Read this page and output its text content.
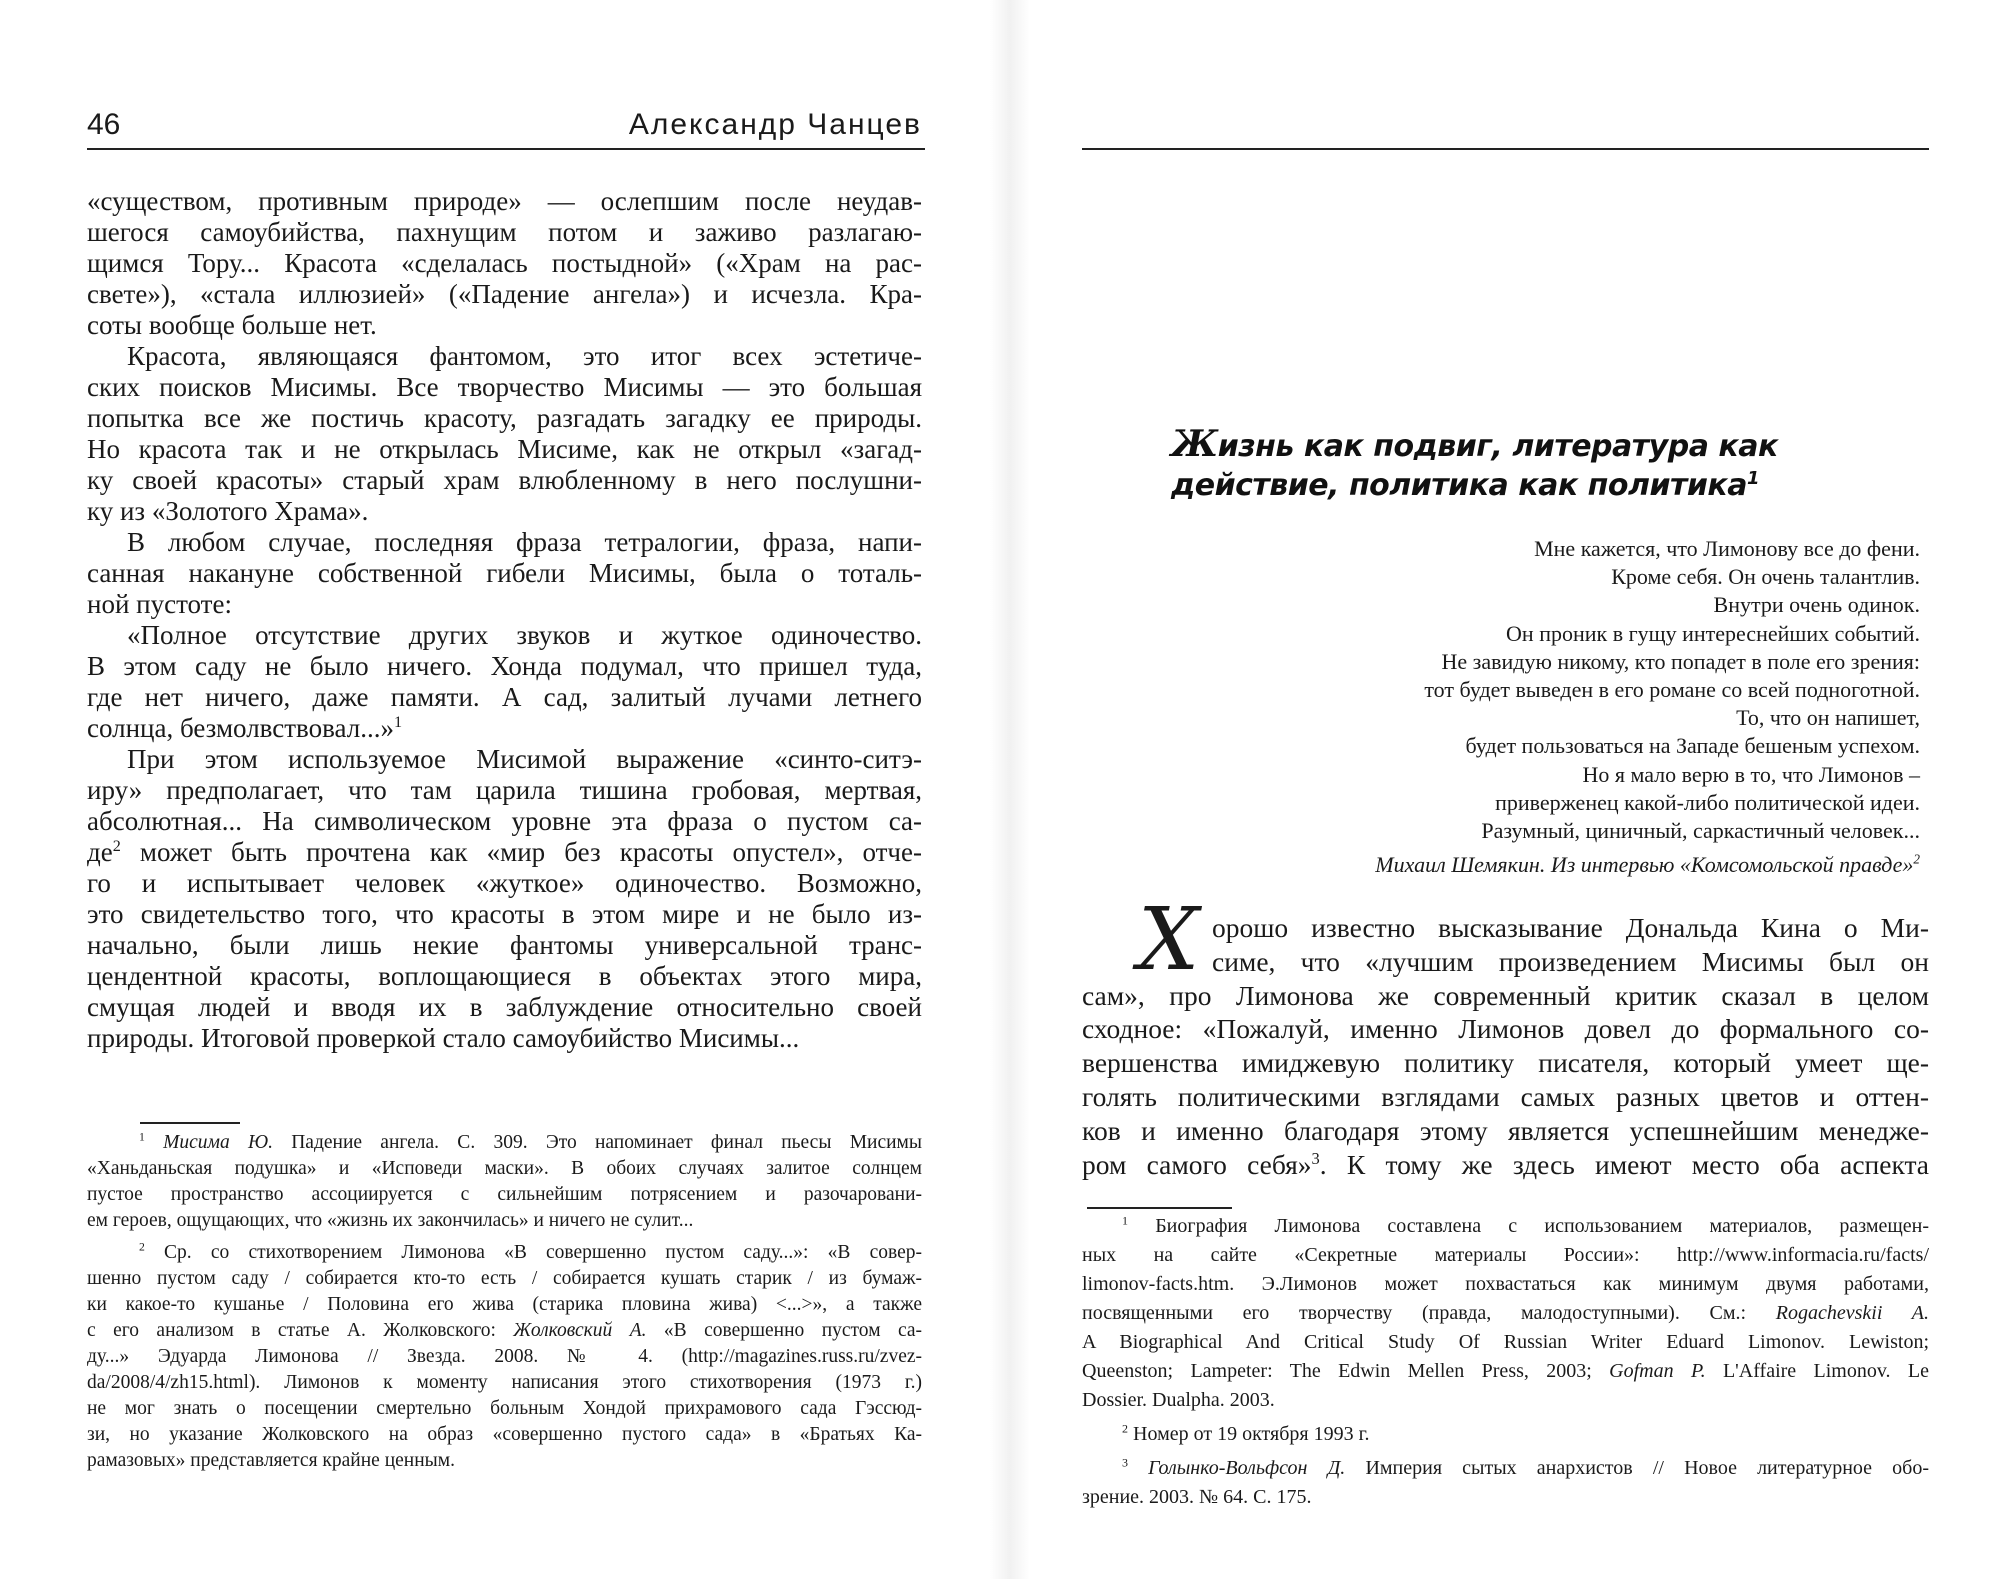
46	Александр Чанцев
«существом, противным природе» — ослепшим после неудав-
шегося самоубийства, пахнущим потом и заживо разлагаю-
щимся Тору... Красота «сделалась постыдной» («Храм на рас-
свете»), «стала иллюзией» («Падение ангела») и исчезла. Кра-
соты вообще больше нет.
Красота, являющаяся фантомом, это итог всех эстетиче-
ских поисков Мисимы. Все творчество Мисимы — это большая
попытка все же постичь красоту, разгадать загадку ее природы.
Но красота так и не открылась Мисиме, как не открыл «загад-
ку своей красоты» старый храм влюбленному в него послушни-
ку из «Золотого Храма».
В любом случае, последняя фраза тетралогии, фраза, напи-
санная накануне собственной гибели Мисимы, была о тоталь-
ной пустоте:
«Полное отсутствие других звуков и жуткое одиночество.
В этом саду не было ничего. Хонда подумал, что пришел туда,
где нет ничего, даже памяти. А сад, залитый лучами летнего
солнца, безмолвствовал...»$^1$
При этом используемое Мисимой выражение «синто-ситэ-
иру» предполагает, что там царила тишина гробовая, мертвая,
абсолютная... На символическом уровне эта фраза о пустом са-
$де^2$ может быть прочтена как «мир без красоты опустел», отче-
го и испытывает человек «жуткое» одиночество. Возможно,
это свидетельство того, что красоты в этом мире и не было из-
начально, были лишь некие фантомы универсальной транс-
цендентной красоты, воплощающиеся в объектах этого мира,
смущая людей и вводя их в заблуждение относительно своей
природы. Итоговой проверкой стало самоубийство Мисимы...
$^1$ Мисима Ю. Падение ангела. С. 309. Это напоминает финал пьесы Мисимы
«Ханьданьская подушка» и «Исповеди маски». В обоих случаях залитое солнцем
пустое пространство ассоциируется с сильнейшим потрясением и разочаровани-
ем героев, ощущающих, что «жизнь их закончилась» и ничего не сулит...
$^2$ Ср. со стихотворением Лимонова «В совершенно пустом саду...»: «В совер-
шенно пустом саду / собирается кто-то есть / собирается кушать старик / из бумаж-
ки какое-то кушанье / Половина его жива (старика пловина жива) <...>», а также
с его анализом в статье А. Жолковского: Жолковский А. «В совершенно пустом са-
ду...» Эдуарда Лимонова // Звезда. 2008. № 4. (http://magazines.russ.ru/zvez-
da/2008/4/zh15.html). Лимонов к моменту написания этого стихотворения (1973 г.)
не мог знать о посещении смертельно больным Хондой прихрамового сада Гэссюд-
зи, но указание Жолковского на образ «совершенно пустого сада» в «Братьях Ка-
рамазовых» представляется крайне ценным.
Жизнь как подвиг, литература как
действие, политика как политика$^1$
Мне кажется, что Лимонову все до фени.
Кроме себя. Он очень талантлив.
Внутри очень одинок.
Он проник в гущу интереснейших событий.
Не завидую никому, кто попадет в поле его зрения:
тот будет выведен в его романе со всей подноготной.
То, что он напишет,
будет пользоваться на Западе бешеным успехом.
Но я мало верю в то, что Лимонов –
приверженец какой-либо политической идеи.
Разумный, циничный, саркастичный человек...
Михаил Шемякин. Из интервью «Комсомольской правде»$^2$
Х орошо известно высказывание Дональда Кина о Ми-
симе, что «лучшим произведением Мисимы был он
сам», про Лимонова же современный критик сказал в целом
сходное: «Пожалуй, именно Лимонов довел до формального со-
вершенства имиджевую политику писателя, который умеет ще-
голять политическими взглядами самых разных цветов и оттен-
ков и именно благодаря этому является успешнейшим менедже-
ром самого себя»$^3$. К тому же здесь имеют место оба аспекта
$^1$ Биография Лимонова составлена с использованием материалов, размещен-
ных на сайте «Секретные материалы России»: http://www.informacia.ru/facts/
limonov-facts.htm. Э.Лимонов может похвастаться как минимум двумя работами,
посвященными его творчеству (правда, малодоступными). См.: Rogachevskii A.
A Biographical And Critical Study Of Russian Writer Eduard Limonov. Lewiston;
Queenston; Lampeter: The Edwin Mellen Press, 2003; Gofman P. L'Affaire Limonov. Le
Dossier. Dualpha. 2003.
$^2$ Номер от 19 октября 1993 г.
$^3$ Голынко-Вольфсон Д. Империя сытых анархистов // Новое литературное обо-
зрение. 2003. № 64. С. 175.
